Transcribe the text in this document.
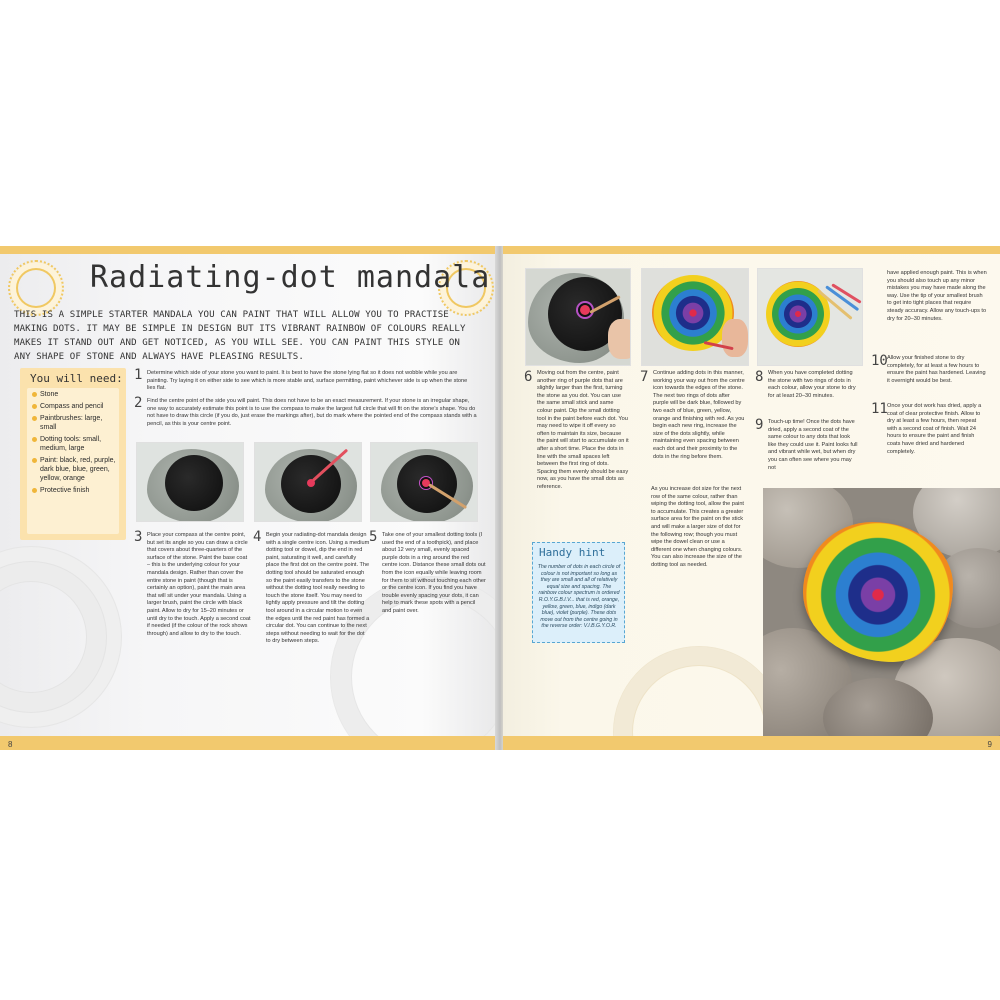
Radiating-dot mandala

THIS IS A SIMPLE STARTER MANDALA YOU CAN PAINT THAT WILL ALLOW YOU TO PRACTISE MAKING DOTS. IT MAY BE SIMPLE IN DESIGN BUT ITS VIBRANT RAINBOW OF COLOURS REALLY MAKES IT STAND OUT AND GET NOTICED, AS YOU WILL SEE. YOU CAN PAINT THIS STYLE ON ANY SHAPE OF STONE AND ALWAYS HAVE PLEASING RESULTS.

You will need:
Stone
Compass and pencil
Paintbrushes: large, small
Dotting tools: small, medium, large
Paint: black, red, purple, dark blue, blue, green, yellow, orange
Protective finish
1 Determine which side of your stone you want to paint. It is best to have the stone lying flat so it does not wobble while you are painting. Try laying it on either side to see which is more stable and, surface permitting, paint whichever side is up when the stone lies flat.

2 Find the centre point of the side you will paint. This does not have to be an exact measurement. If your stone is an irregular shape, one way to accurately estimate this point is to use the compass to make the largest full circle that will fit on the stone’s shape. You do not have to draw this circle (if you do, just erase the markings after), but do mark where the pointed end of the compass stands with a pencil, as this is your centre point.

3 Place your compass at the centre point, but set its angle so you can draw a circle that covers about three-quarters of the surface of the stone. Paint the base coat – this is the underlying colour for your mandala design. Rather than cover the entire stone in paint (though that is certainly an option), paint the main area that will sit under your mandala. Using a larger brush, paint the circle with black paint. Allow to dry for 15–20 minutes or until dry to the touch. Apply a second coat if needed (if the colour of the rock shows through) and allow to dry to the touch.

4 Begin your radiating-dot mandala design with a single centre icon. Using a medium dotting tool or dowel, dip the end in red paint, saturating it well, and carefully place the first dot on the centre point. The dotting tool should be saturated enough so the paint easily transfers to the stone without the dotting tool really needing to touch the stone itself. You may need to lightly apply pressure and tilt the dotting tool around in a circular motion to even the edges until the red paint has formed a circular dot. You can continue to the next steps without needing to wait for the dot to dry between steps.

5 Take one of your smallest dotting tools (I used the end of a toothpick), and place about 12 very small, evenly spaced purple dots in a ring around the red centre icon. Distance these small dots out from the icon equally while leaving room for them to sit without touching each other or the centre icon. If you find you have trouble evenly spacing your dots, it can help to mark these spots with a pencil and paint over.

8
6 Moving out from the centre, paint another ring of purple dots that are slightly larger than the first, turning the stone as you dot. You can use the same small stick and same colour paint. Dip the small dotting tool in the paint before each dot. You may need to wipe it off every so often to maintain its size, because the paint will start to accumulate on it after a short time. Place the dots in line with the small spaces left between the first ring of dots. Spacing them evenly should be easy now, as you have the small dots as reference.

7 Continue adding dots in this manner, working your way out from the centre icon towards the edges of the stone. The next two rings of dots after purple will be dark blue, followed by two each of blue, green, yellow, orange and finishing with red. As you begin each new ring, increase the size of the dots slightly, while maintaining even spacing between each dot and their proximity to the dots in the ring before them.

As you increase dot size for the next row of the same colour, rather than wiping the dotting tool, allow the paint to accumulate. This creates a greater surface area for the paint on the stick and will make a larger size of dot for the following row; though you must wipe the dowel clean or use a different one when changing colours. You can also increase the size of the dotting tool as needed.

8 When you have completed dotting the stone with two rings of dots in each colour, allow your stone to dry for at least 20–30 minutes.

9 Touch-up time! Once the dots have dried, apply a second coat of the same colour to any dots that look like they could use it. Paint looks full and vibrant while wet, but when dry you can often see where you may not

have applied enough paint. This is when you should also touch up any minor mistakes you may have made along the way. Use the tip of your smallest brush to get into tight places that require steady accuracy. Allow any touch-ups to dry for 20–30 minutes.

10 Allow your finished stone to dry completely, for at least a few hours to ensure the paint has hardened. Leaving it overnight would be best.

11 Once your dot work has dried, apply a coat of clear protective finish. Allow to dry at least a few hours, then repeat with a second coat of finish. Wait 24 hours to ensure the paint and finish coats have dried and hardened completely.

Handy hint

The number of dots in each circle of colour is not important so long as they are small and all of relatively equal size and spacing. The rainbow colour spectrum is ordered R.O.Y.G.B.I.V... that is red, orange, yellow, green, blue, indigo (dark blue), violet (purple). These dots move out from the centre going in the reverse order: V.I.B.G.Y.O.R.

9
